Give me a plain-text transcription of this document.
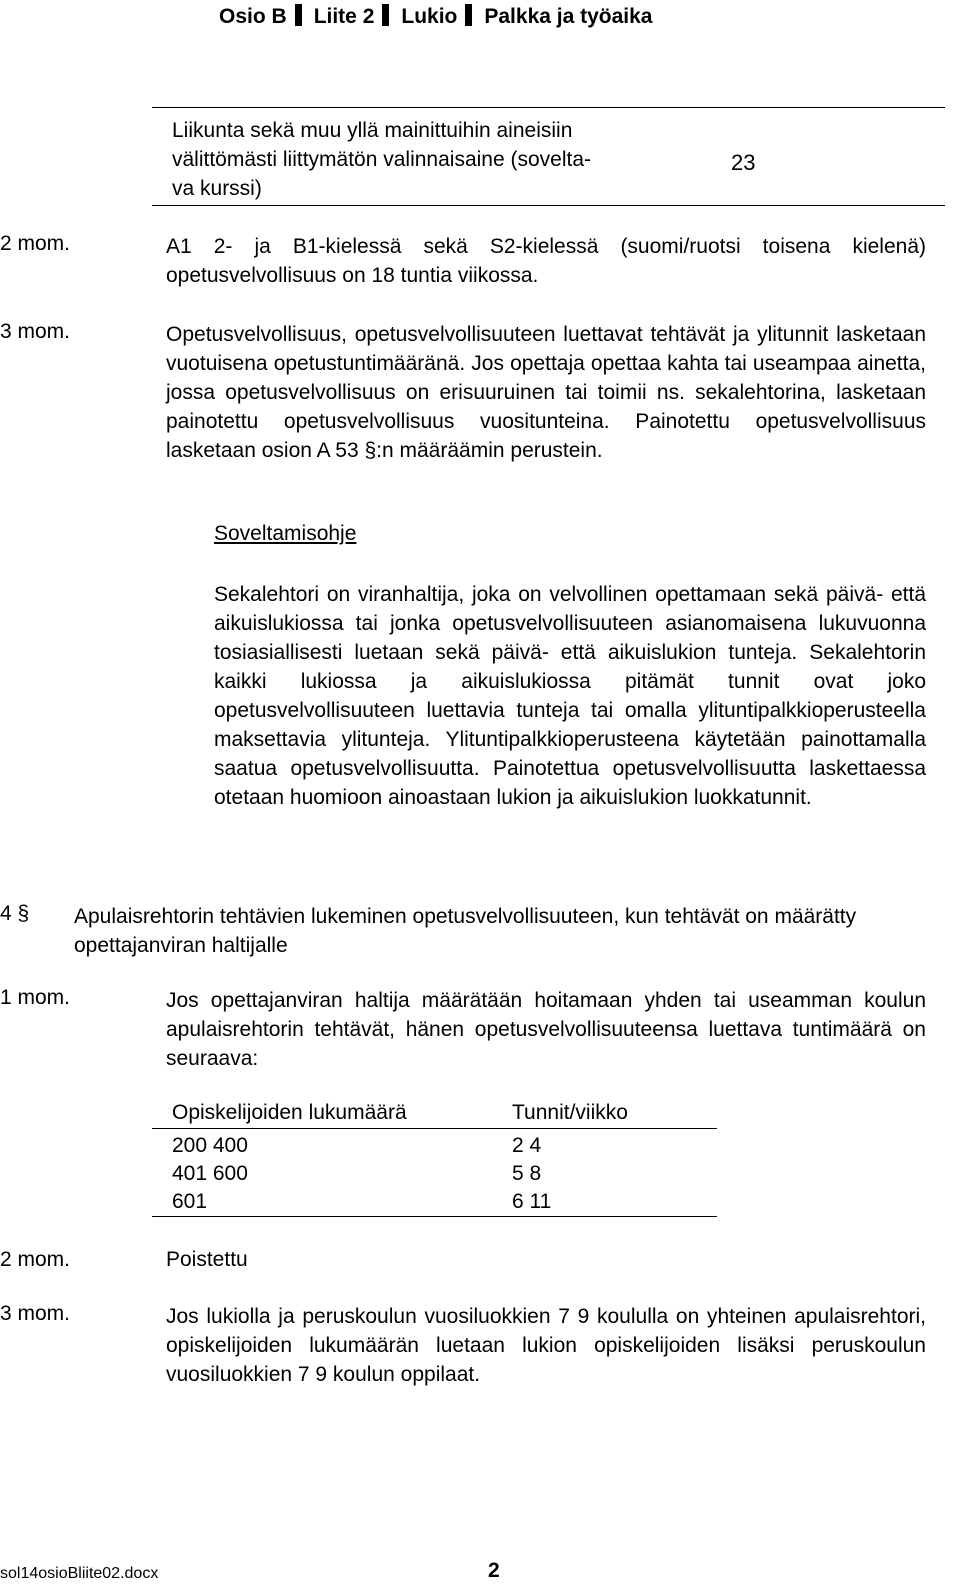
Osio B Liite 2 Lukio Palkka ja työaika
Liikunta sekä muu yllä mainittuihin aineisiin
välittömästi liittymätön valinnaisaine (sovelta-
va kurssi)
23
2 mom.	A1 2- ja B1-kielessä sekä S2-kielessä (suomi/ruotsi toisena kielenä) opetusvelvollisuus on 18 tuntia viikossa.
3 mom.	Opetusvelvollisuus, opetusvelvollisuuteen luettavat tehtävät ja ylitunnit lasketaan vuotuisena opetustuntimääränä. Jos opettaja opettaa kahta tai useampaa ainetta, jossa opetusvelvollisuus on erisuuruinen tai toimii ns. sekalehtorina, lasketaan painotettu opetusvelvollisuus vuositunteina. Painotettu opetusvelvollisuus lasketaan osion A 53 §:n määräämin perustein.
Soveltamisohje
Sekalehtori on viranhaltija, joka on velvollinen opettamaan sekä päivä- että aikuislukiossa tai jonka opetusvelvollisuuteen asianomaisena lukuvuonna tosiasiallisesti luetaan sekä päivä- että aikuislukion tunteja. Sekalehtorin kaikki lukiossa ja aikuislukiossa pitämät tunnit ovat joko opetusvelvollisuuteen luettavia tunteja tai omalla ylituntipalkkioperusteella maksettavia ylitunteja. Ylituntipalkkioperusteena käytetään painottamalla saatua opetusvelvollisuutta. Painotettua opetusvelvollisuutta laskettaessa otetaan huomioon ainoastaan lukion ja aikuislukion luokkatunnit.
4 § Apulaisrehtorin tehtävien lukeminen opetusvelvollisuuteen, kun tehtävät on määrätty opettajanviran haltijalle
1 mom.	Jos opettajanviran haltija määrätään hoitamaan yhden tai useamman koulun apulaisrehtorin tehtävät, hänen opetusvelvollisuuteensa luettava tuntimäärä on seuraava:
Opiskelijoiden lukumäärä	Tunnit/viikko
200 400	2 4
401 600	5 8
601	6 11
2 mom.	Poistettu
3 mom.	Jos lukiolla ja peruskoulun vuosiluokkien 7 9 koululla on yhteinen apulaisrehtori, opiskelijoiden lukumäärän luetaan lukion opiskelijoiden lisäksi peruskoulun vuosiluokkien 7 9 koulun oppilaat.
sol14osioBliite02.docx	2
